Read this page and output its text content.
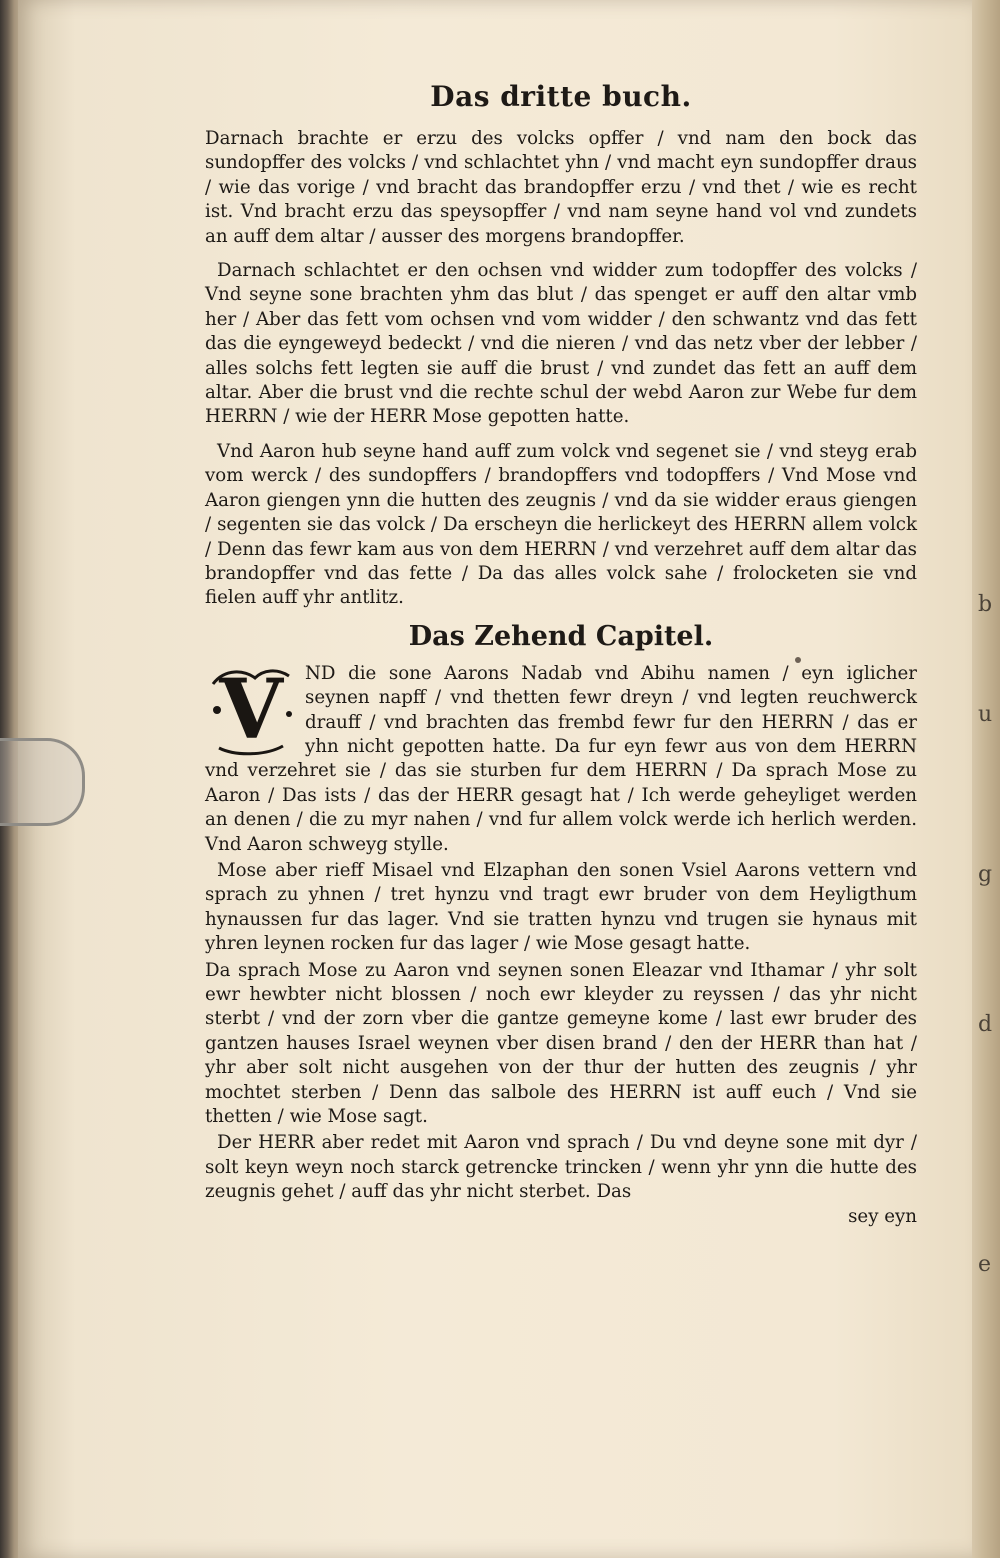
b
u
g
d
e
Das dritte buch.

Darnach brachte er erzu des volcks opffer / vnd nam den bock das sundopffer des volcks / vnd schlachtet yhn / vnd macht eyn sundopffer draus / wie das vorige / vnd bracht das brandopffer erzu / vnd thet / wie es recht ist. Vnd bracht erzu das speysopffer / vnd nam seyne hand vol vnd zundets an auff dem altar / ausser des morgens brandopffer.

Darnach schlachtet er den ochsen vnd widder zum todopffer des volcks / Vnd seyne sone brachten yhm das blut / das spenget er auff den altar vmb her / Aber das fett vom ochsen vnd vom widder / den schwantz vnd das fett das die eyngeweyd bedeckt / vnd die nieren / vnd das netz vber der lebber / alles solchs fett legten sie auff die brust / vnd zundet das fett an auff dem altar. Aber die brust vnd die rechte schul der webd Aaron zur Webe fur dem HERRN / wie der HERR Mose gepotten hatte.

Vnd Aaron hub seyne hand auff zum volck vnd segenet sie / vnd steyg erab vom werck / des sundopffers / brandopffers vnd todopffers / Vnd Mose vnd Aaron giengen ynn die hutten des zeugnis / vnd da sie widder eraus giengen / segenten sie das volck / Da erscheyn die herlickeyt des HERRN allem volck / Denn das fewr kam aus von dem HERRN / vnd verzehret auff dem altar das brandopffer vnd das fette / Da das alles volck sahe / frolocketen sie vnd fielen auff yhr antlitz.

Das Zehend Capitel.
V	ND die sone Aarons Nadab vnd Abihu namen / eyn iglicher seynen napff / vnd thetten fewr dreyn / vnd legten reuchwerck drauff / vnd brachten das frembd fewr fur den HERRN / das er yhn nicht gepotten hatte. Da fur eyn fewr aus von dem HERRN vnd verzehret sie / das sie sturben fur dem HERRN / Da sprach Mose zu Aaron / Das ists / das der HERR gesagt hat / Ich werde geheyliget werden an denen / die zu myr nahen / vnd fur allem volck werde ich herlich werden. Vnd Aaron schweyg stylle.

Mose aber rieff Misael vnd Elzaphan den sonen Vsiel Aarons vettern vnd sprach zu yhnen / tret hynzu vnd tragt ewr bruder von dem Heyligthum hynaussen fur das lager. Vnd sie tratten hynzu vnd trugen sie hynaus mit yhren leynen rocken fur das lager / wie Mose gesagt hatte.

Da sprach Mose zu Aaron vnd seynen sonen Eleazar vnd Ithamar / yhr solt ewr hewbter nicht blossen / noch ewr kleyder zu reyssen / das yhr nicht sterbt / vnd der zorn vber die gantze gemeyne kome / last ewr bruder des gantzen hauses Israel weynen vber disen brand / den der HERR than hat / yhr aber solt nicht ausgehen von der thur der hutten des zeugnis / yhr mochtet sterben / Denn das salbole des HERRN ist auff euch / Vnd sie thetten / wie Mose sagt.

Der HERR aber redet mit Aaron vnd sprach / Du vnd deyne sone mit dyr / solt keyn weyn noch starck getrencke trincken / wenn yhr ynn die hutte des zeugnis gehet / auff das yhr nicht sterbet. Das

sey eyn
